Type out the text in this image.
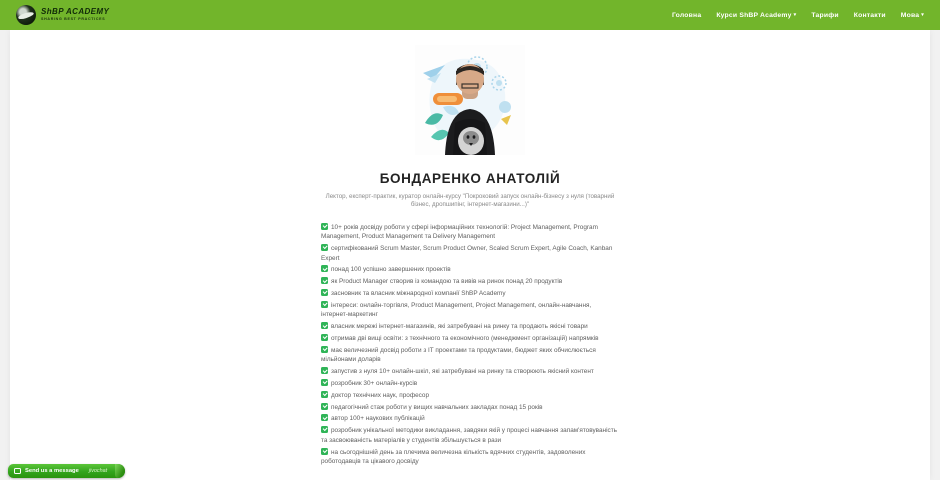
ShBP ACADEMY
SHARING BEST PRACTICES
Головна Курси ShBP Academy ▾ Тарифи Контакти Мова ▾
БОНДАРЕНКО АНАТОЛІЙ

Лектор, експерт-практик, куратор онлайн-курсу "Покроковий запуск онлайн-бізнесу з нуля (товарний бізнес, дропшипінг, інтернет-магазини...)"

10+ років досвіду роботи у сфері інформаційних технологій: Project Management, Program Management, Product Management та Delivery Management
сертифікований Scrum Master, Scrum Product Owner, Scaled Scrum Expert, Agile Coach, Kanban Expert
понад 100 успішно завершених проектів
як Product Manager створив із командою та вивів на ринок понад 20 продуктів
засновник та власник міжнародної компанії ShBP Academy
інтереси: онлайн-торгівля, Product Management, Project Management, онлайн-навчання, інтернет-маркетинг
власник мережі інтернет-магазинів, які затребувані на ринку та продають якісні товари
отримав дві вищі освіти: з технічного та економічного (менеджмент організацій) напрямків
має величезний досвід роботи з IT проектами та продуктами, бюджет яких обчислюється мільйонами доларів
запустив з нуля 10+ онлайн-шкіл, які затребувані на ринку та створюють якісний контент
розробник 30+ онлайн-курсів
доктор технічних наук, професор
педагогічний стаж роботи у вищих навчальних закладах понад 15 років
автор 100+ наукових публікацій
розробник унікальної методики викладання, завдяки якій у процесі навчання запам'ятовуваність та засвоюваність матеріалів у студентів збільшується в рази
на сьогоднішній день за плечима величезна кількість вдячних студентів, задоволених роботодавців та цікавого досвіду
Send us a message jivochat
